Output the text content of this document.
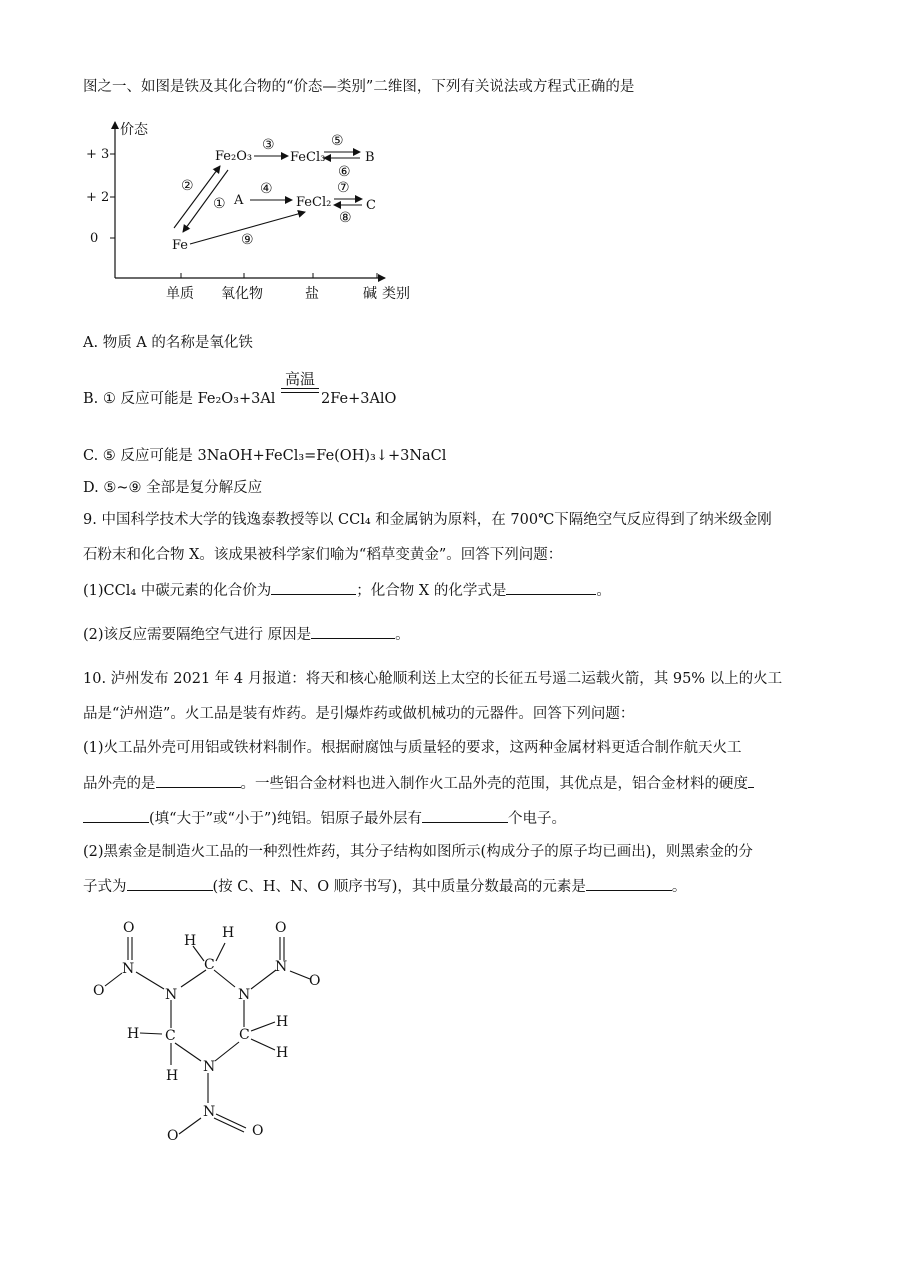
图之一、如图是铁及其化合物的“价态—类别”二维图，下列有关说法或方程式正确的是
价态
+ 3
+ 2
0
单质 氧化物	盐	碱 类别
Fe
Fe₂O₃	FeCl₃	B
A	FeCl₂	C
②
①
③	⑤
⑥
④	⑦
⑧
⑨
A. 物质 A 的名称是氧化铁
高温
B. ① 反应可能是 Fe₂O₃+3Al	2Fe+3AlO
C. ⑤ 反应可能是 3NaOH+FeCl₃=Fe(OH)₃↓+3NaCl
D. ⑤~⑨ 全部是复分解反应
9. 中国科学技术大学的钱逸泰教授等以 CCl₄ 和金属钠为原料，在 700℃下隔绝空气反应得到了纳米级金刚
石粉末和化合物 X。该成果被科学家们喻为“稻草变黄金”。回答下列问题：
(1)CCl₄ 中碳元素的化合价为	；化合物 X 的化学式是	。
(2)该反应需要隔绝空气进行 原因是	。
10. 泸州发布 2021 年 4 月报道：将天和核心舱顺利送上太空的长征五号遥二运载火箭，其 95% 以上的火工
品是“泸州造”。火工品是装有炸药。是引爆炸药或做机械功的元器件。回答下列问题：
(1)火工品外壳可用铝或铁材料制作。根据耐腐蚀与质量轻的要求，这两种金属材料更适合制作航天火工
品外壳的是	。一些铝合金材料也进入制作火工品外壳的范围，其优点是，铝合金材料的硬度
(填“大于”或“小于”)纯铝。铝原子最外层有	个电子。
(2)黑索金是制造火工品的一种烈性炸药，其分子结构如图所示(构成分子的原子均已画出)，则黑索金的分
子式为	(按 C、H、N、O 顺序书写)，其中质量分数最高的元素是	。
O
N
O
H H
C
O
N
O
N	N
H C	C
H
H
H
N
N
O	O
